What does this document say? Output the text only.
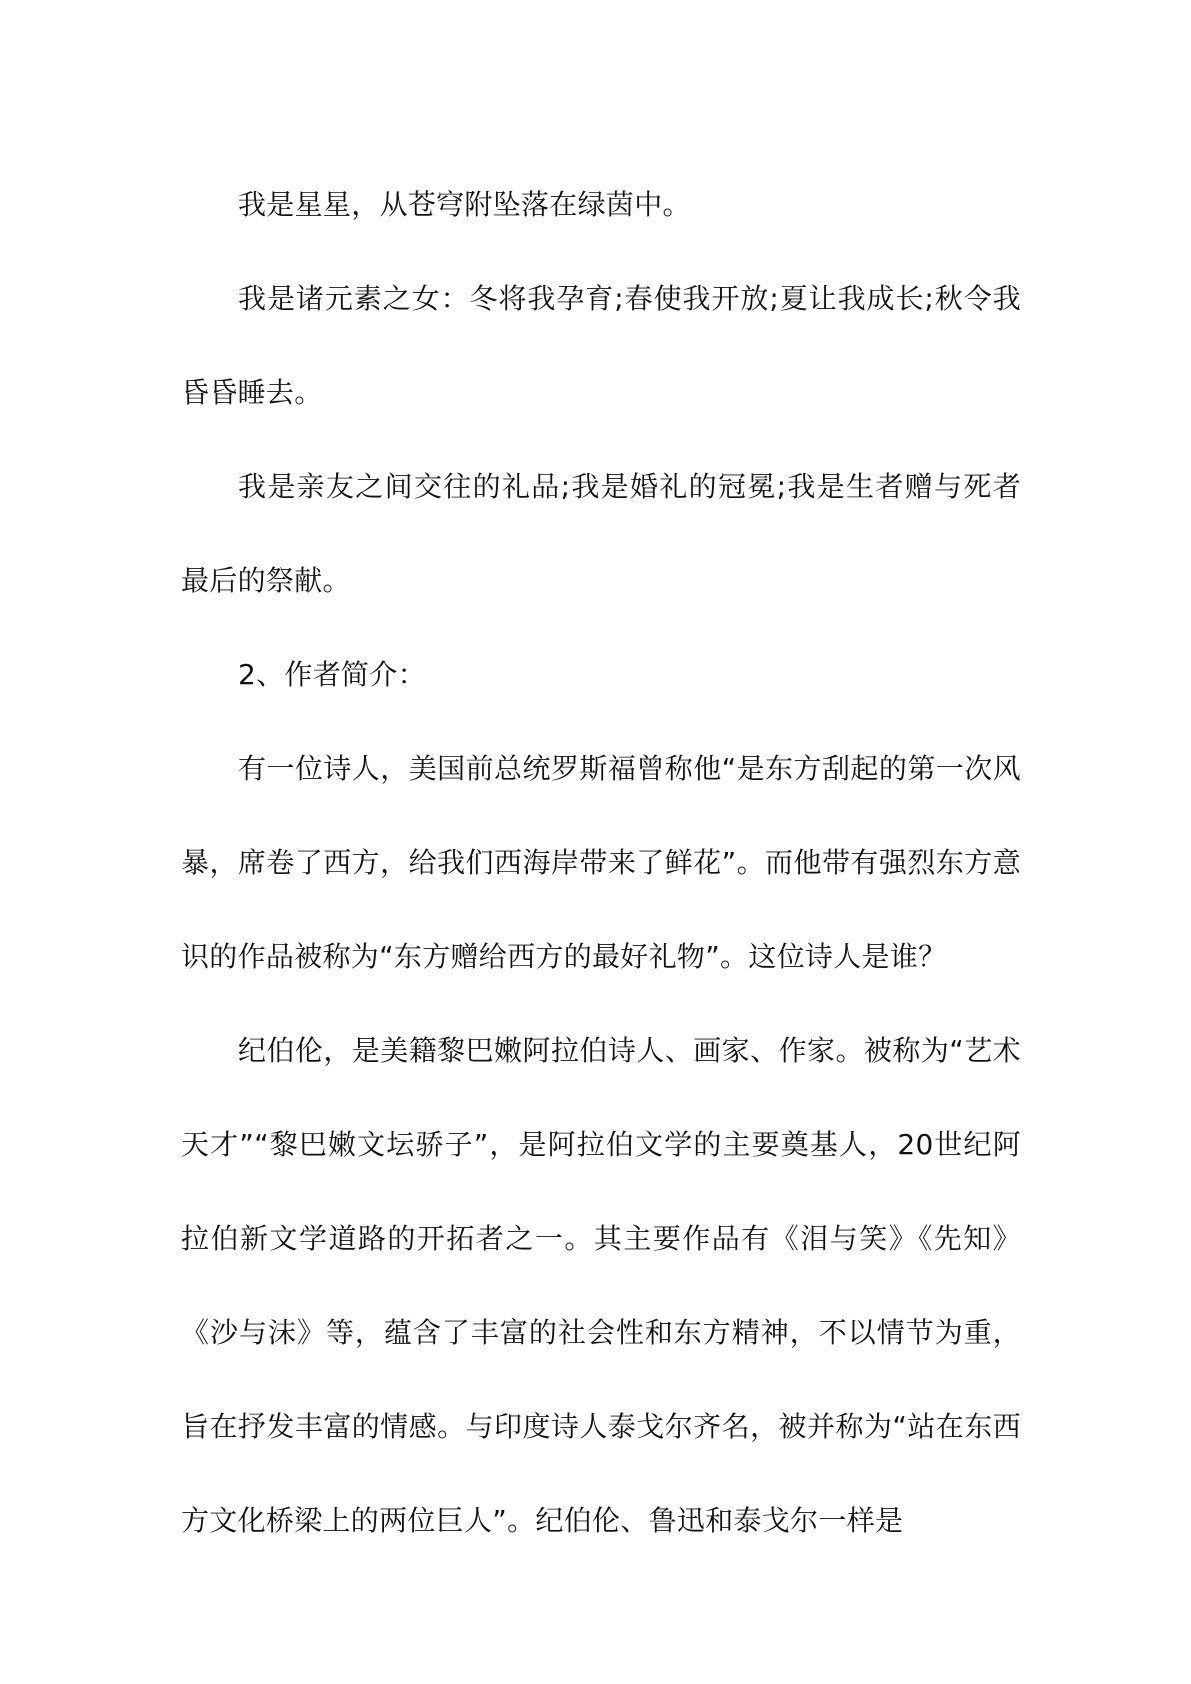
我是星星，从苍穹附坠落在绿茵中。

我是诸元素之女：冬将我孕育;春使我开放;夏让我成长;秋令我昏昏睡去。

我是亲友之间交往的礼品;我是婚礼的冠冕;我是生者赠与死者最后的祭献。

2、作者简介：

有一位诗人，美国前总统罗斯福曾称他“是东方刮起的第一次风暴，席卷了西方，给我们西海岸带来了鲜花”。而他带有强烈东方意识的作品被称为“东方赠给西方的最好礼物”。这位诗人是谁？

纪伯伦，是美籍黎巴嫩阿拉伯诗人、画家、作家。被称为“艺术天才”“黎巴嫩文坛骄子”，是阿拉伯文学的主要奠基人，20世纪阿拉伯新文学道路的开拓者之一。其主要作品有《泪与笑》《先知》《沙与沫》等，蕴含了丰富的社会性和东方精神，不以情节为重，旨在抒发丰富的情感。与印度诗人泰戈尔齐名，被并称为“站在东西方文化桥梁上的两位巨人”。纪伯伦、鲁迅和泰戈尔一样是
